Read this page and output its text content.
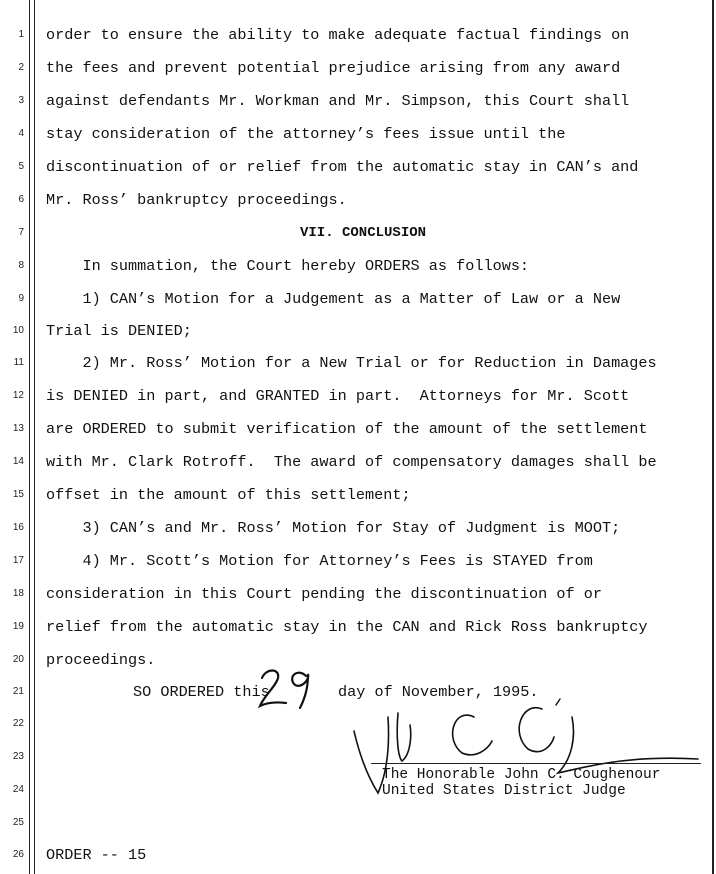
1
2
3
4
5
6
7
8
9
10
11
12
13
14
15
16
17
18
19
20
21
22
23
24
25
26
order to ensure the ability to make adequate factual findings on
the fees and prevent potential prejudice arising from any award
against defendants Mr. Workman and Mr. Simpson, this Court shall
stay consideration of the attorney’s fees issue until the
discontinuation of or relief from the automatic stay in CAN’s and
Mr. Ross’ bankruptcy proceedings.
VII. CONCLUSION
In summation, the Court hereby ORDERS as follows:
1) CAN’s Motion for a Judgement as a Matter of Law or a New
Trial is DENIED;
2) Mr. Ross’ Motion for a New Trial or for Reduction in Damages
is DENIED in part, and GRANTED in part.  Attorneys for Mr. Scott
are ORDERED to submit verification of the amount of the settlement
with Mr. Clark Rotroff.  The award of compensatory damages shall be
offset in the amount of this settlement;
3) CAN’s and Mr. Ross’ Motion for Stay of Judgment is MOOT;
4) Mr. Scott’s Motion for Attorney’s Fees is STAYED from
consideration in this Court pending the discontinuation of or
relief from the automatic stay in the CAN and Rick Ross bankruptcy
proceedings.
SO ORDERED this	day of November, 1995.
The Honorable John C. Coughenour
United States District Judge
ORDER -- 15
